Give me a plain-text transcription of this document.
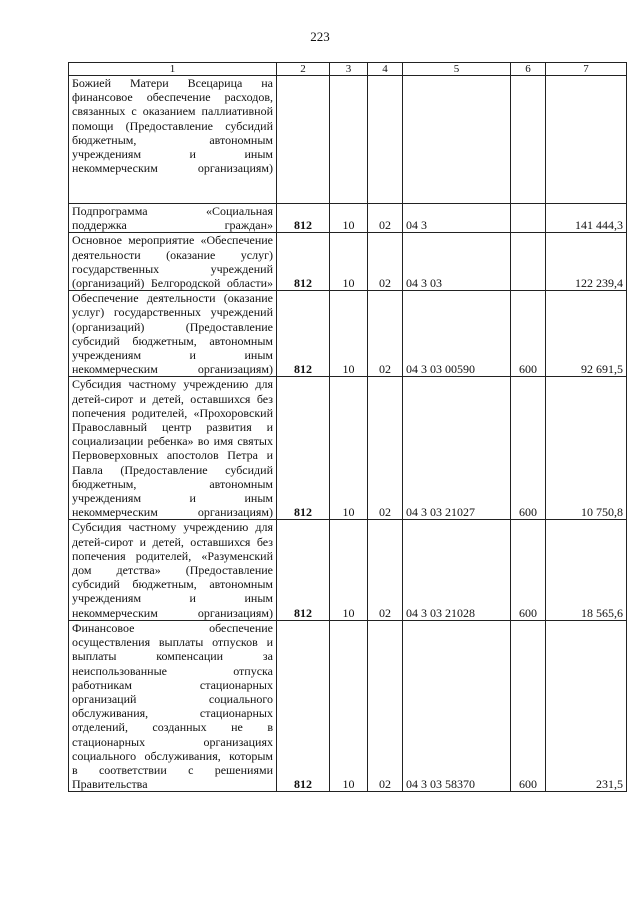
223
1	2	3	4	5	6	7
Божией Матери Всецарица на финансовое обеспечение расходов, связанных с оказанием паллиативной помощи (Предоставление субсидий бюджетным, автономным учреждениям и иным некоммерческим организациям)						
Подпрограмма «Социальная поддержка граждан»	812	10	02	04 3		141 444,3
Основное мероприятие «Обеспечение деятельности (оказание услуг) государственных учреждений (организаций) Белгородской области»	812	10	02	04 3 03		122 239,4
Обеспечение деятельности (оказание услуг) государственных учреждений (организаций) (Предоставление субсидий бюджетным, автономным учреждениям и иным некоммерческим организациям)	812	10	02	04 3 03 00590	600	92 691,5
Субсидия частному учреждению для детей-сирот и детей, оставшихся без попечения родителей, «Прохоровский Православный центр развития и социализации ребенка» во имя святых Первоверховных апостолов Петра и Павла (Предоставление субсидий бюджетным, автономным учреждениям и иным некоммерческим организациям)	812	10	02	04 3 03 21027	600	10 750,8
Субсидия частному учреждению для детей-сирот и детей, оставшихся без попечения родителей, «Разуменский дом детства» (Предоставление субсидий бюджетным, автономным учреждениям и иным некоммерческим организациям)	812	10	02	04 3 03 21028	600	18 565,6
Финансовое обеспечение осуществления выплаты отпусков и выплаты компенсации за неиспользованные отпуска работникам стационарных организаций социального обслуживания, стационарных отделений, созданных не в стационарных организациях социального обслуживания, которым в соответствии с решениями Правительства	812	10	02	04 3 03 58370	600	231,5
